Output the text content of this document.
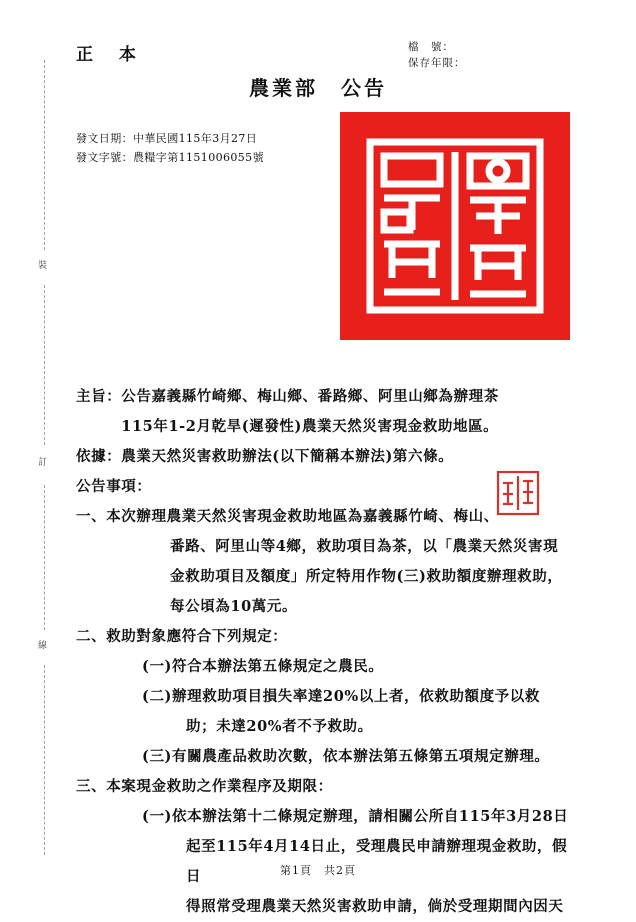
裝
訂
線
正 本	檔　號：
保存年限：
農業部　公告
發文日期：中華民國115年3月27日
發文字號：農糧字第1151006055號
主旨：公告嘉義縣竹崎鄉、梅山鄉、番路鄉、阿里山鄉為辦理茶
　　　115年1-2月乾旱(遲發性)農業天然災害現金救助地區。
依據：農業天然災害救助辦法(以下簡稱本辦法)第六條。
公告事項：
一、本次辦理農業天然災害現金救助地區為嘉義縣竹崎、梅山、
番路、阿里山等4鄉，救助項目為茶，以「農業天然災害現
金救助項目及額度」所定特用作物(三)救助額度辦理救助，
每公頃為10萬元。
二、救助對象應符合下列規定：
(一)符合本辦法第五條規定之農民。
(二)辦理救助項目損失率達20%以上者，依救助額度予以救
助；未達20%者不予救助。
(三)有關農產品救助次數，依本辦法第五條第五項規定辦理。
三、本案現金救助之作業程序及期限：
(一)依本辦法第十二條規定辦理，請相關公所自115年3月28日
起至115年4月14日止，受理農民申請辦理現金救助，假日
得照常受理農業天然災害救助申請，倘於受理期間內因天
第1頁　共2頁
